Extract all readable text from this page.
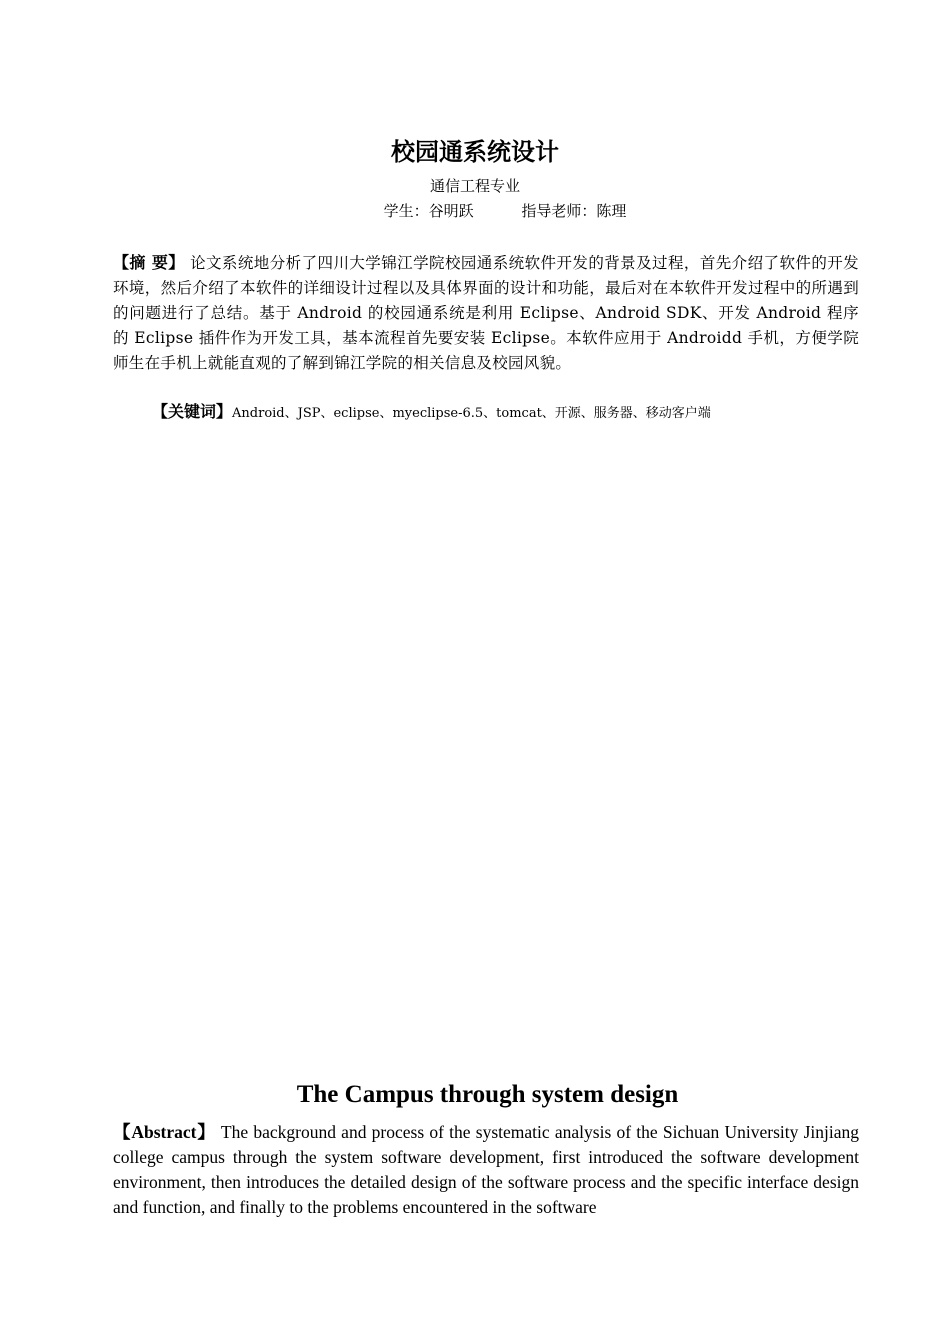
校园通系统设计
通信工程专业
学生：谷明跃	指导老师：陈理
【摘 要】 论文系统地分析了四川大学锦江学院校园通系统软件开发的背景及过程，首先介绍了软件的开发环境，然后介绍了本软件的详细设计过程以及具体界面的设计和功能，最后对在本软件开发过程中的所遇到的问题进行了总结。基于 Android 的校园通系统是利用 Eclipse、Android SDK、开发 Android 程序的 Eclipse 插件作为开发工具，基本流程首先要安装 Eclipse。本软件应用于 Androidd 手机，方便学院师生在手机上就能直观的了解到锦江学院的相关信息及校园风貌。
【关键词】Android、JSP、eclipse、myeclipse-6.5、tomcat、开源、服务器、移动客户端
The Campus through system design
【Abstract】 The background and process of the systematic analysis of the Sichuan University Jinjiang college campus through the system software development, first introduced the software development environment, then introduces the detailed design of the software process and the specific interface design and function, and finally to the problems encountered in the software
